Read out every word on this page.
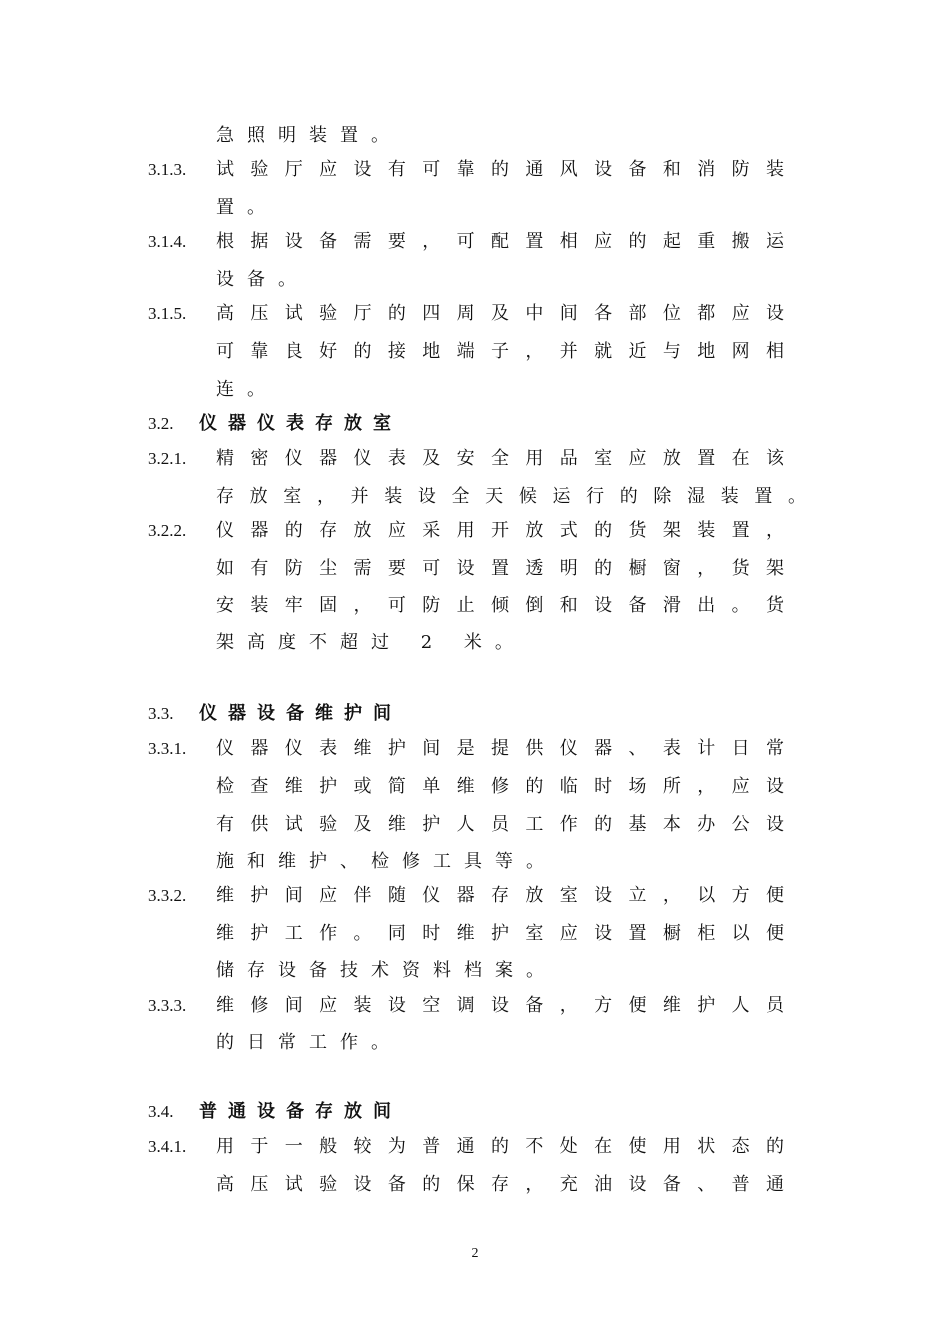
急照明装置。
3.1.3. 试验厅应设有可靠的通风设备和消防装
置。
3.1.4. 根据设备需要，可配置相应的起重搬运
设备。
3.1.5. 高压试验厅的四周及中间各部位都应设
可靠良好的接地端子，并就近与地网相
连。
3.2. 仪器仪表存放室
3.2.1. 精密仪器仪表及安全用品室应放置在该
存放室，并装设全天候运行的除湿装置。
3.2.2. 仪器的存放应采用开放式的货架装置，
如有防尘需要可设置透明的橱窗，货架
安装牢固，可防止倾倒和设备滑出。货
架高度不超过 2 米。
3.3. 仪器设备维护间
3.3.1. 仪器仪表维护间是提供仪器、表计日常
检查维护或简单维修的临时场所，应设
有供试验及维护人员工作的基本办公设
施和维护、检修工具等。
3.3.2. 维护间应伴随仪器存放室设立，以方便
维护工作。同时维护室应设置橱柜以便
储存设备技术资料档案。
3.3.3. 维修间应装设空调设备，方便维护人员
的日常工作。
3.4. 普通设备存放间
3.4.1. 用于一般较为普通的不处在使用状态的
高压试验设备的保存，充油设备、普通
2
